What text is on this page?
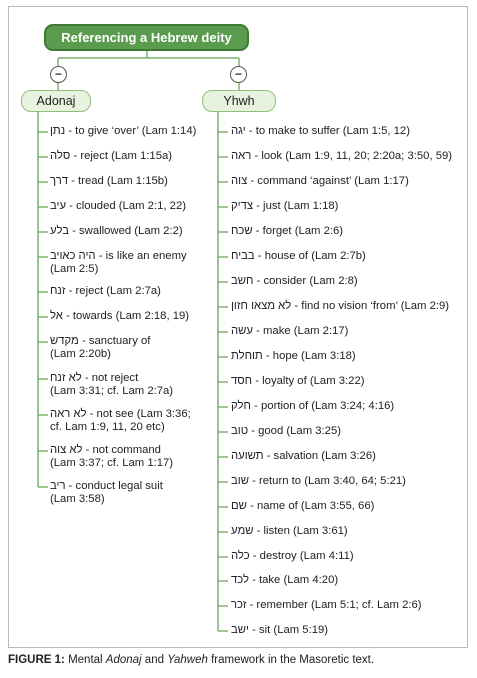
Referencing a Hebrew deity
−	−
Adonaj	Yhwh
נתן - to give ‘over’ (Lam 1:14)
סלה - reject (Lam 1:15a)
דרך - tread (Lam 1:15b)
עיב - clouded (Lam 2:1, 22)
בלע - swallowed (Lam 2:2)
היה כאויב - is like an enemy
(Lam 2:5)
זנח - reject (Lam 2:7a)
אל - towards (Lam 2:18, 19)
מקדש - sanctuary of
(Lam 2:20b)
לא זנח - not reject
(Lam 3:31; cf. Lam 2:7a)
לא ראה - not see (Lam 3:36;
cf. Lam 1:9, 11, 20 etc)
לא צוה - not command
(Lam 3:37; cf. Lam 1:17)
ריב - conduct legal suit
(Lam 3:58)
יגה - to make to suffer (Lam 1:5, 12)
ראה - look (Lam 1:9, 11, 20; 2:20a; 3:50, 59)
צוה - command ‘against’ (Lam 1:17)
צדיק - just (Lam 1:18)
שכח - forget (Lam 2:6)
בביח - house of (Lam 2:7b)
חשב - consider (Lam 2:8)
לא מצאו חזון - find no vision ‘from’ (Lam 2:9)
עשה - make (Lam 2:17)
תוחלת - hope (Lam 3:18)
חסד - loyalty of (Lam 3:22)
חלק - portion of (Lam 3:24; 4:16)
טוב - good (Lam 3:25)
תשועה - salvation (Lam 3:26)
שוב - return to (Lam 3:40, 64; 5:21)
שם - name of (Lam 3:55, 66)
שמע - listen (Lam 3:61)
כלה - destroy (Lam 4:11)
לכד - take (Lam 4:20)
זכר - remember (Lam 5:1; cf. Lam 2:6)
ישב - sit (Lam 5:19)
FIGURE 1: Mental Adonaj and Yahweh framework in the Masoretic text.
